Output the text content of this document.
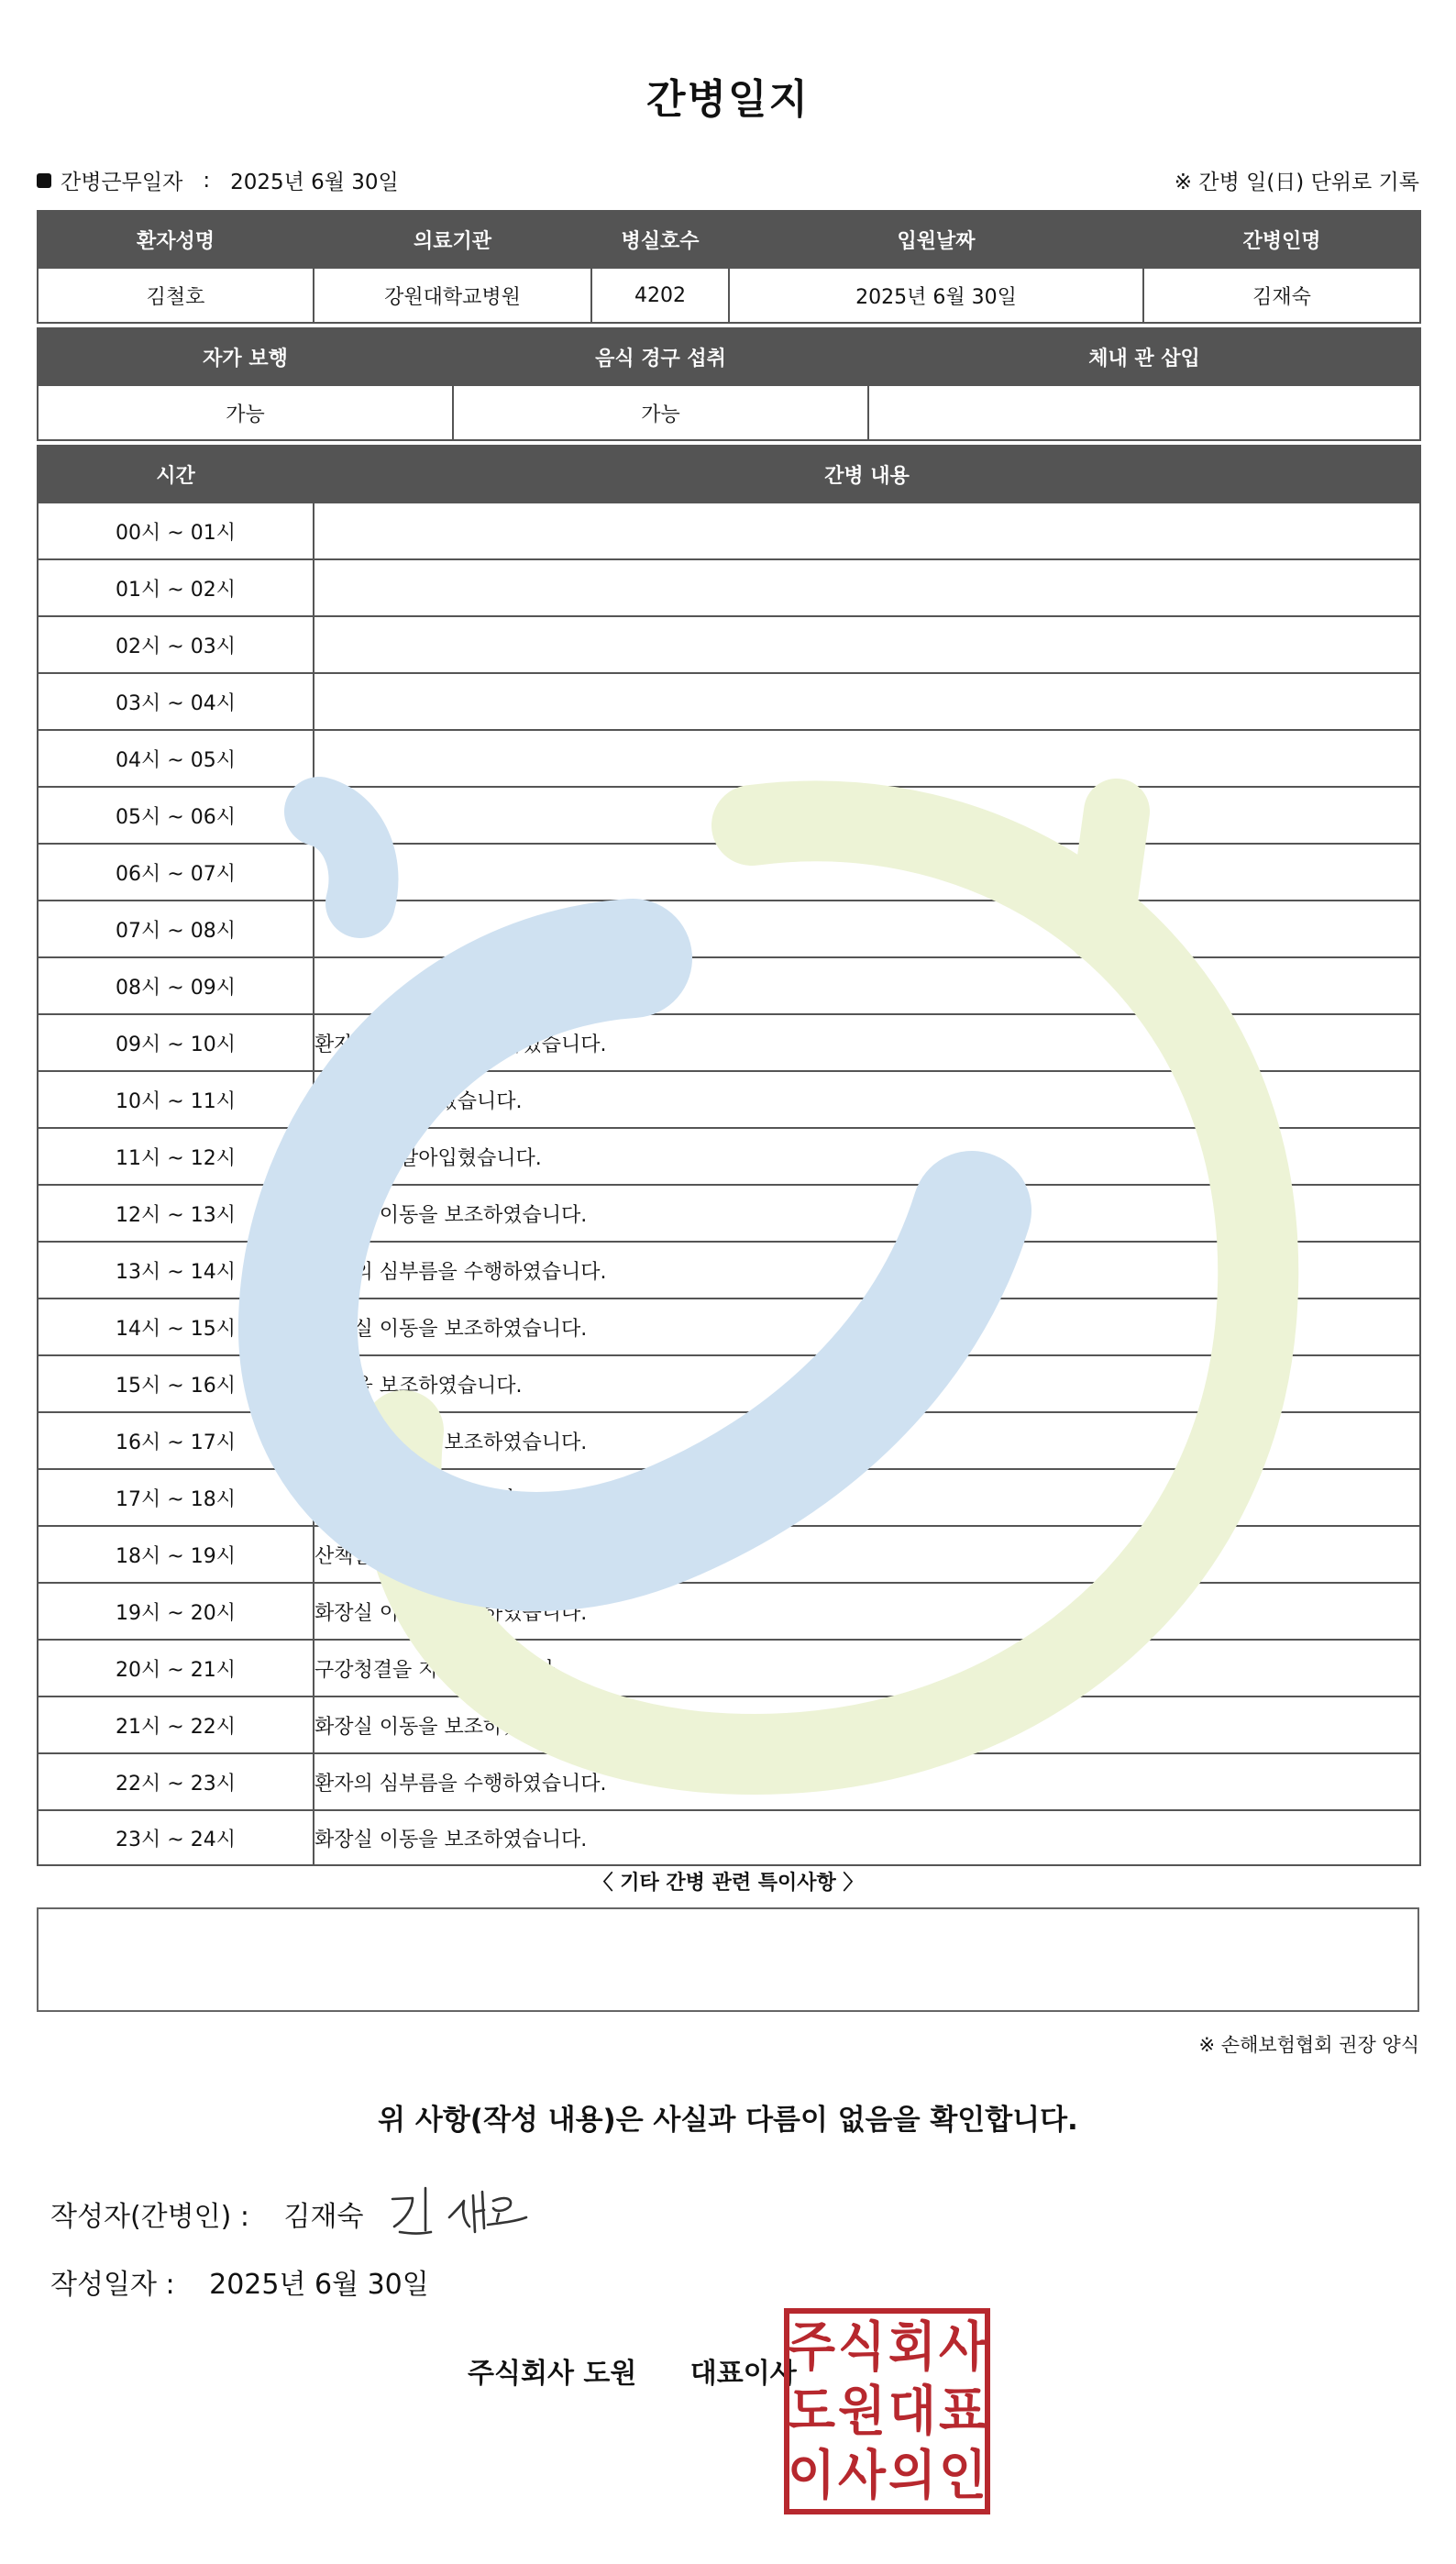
간병일지
간병근무일자 : 2025년 6월 30일	※ 간병 일(日) 단위로 기록
환자성명	의료기관	병실호수	입원날짜	간병인명
김철호	강원대학교병원	4202	2025년 6월 30일	김재숙
자가 보행	음식 경구 섭취	체내 관 삽입
가능	가능	
시간	간병 내용
00시 ~ 01시	
01시 ~ 02시	
02시 ~ 03시	
03시 ~ 04시	
04시 ~ 05시	
05시 ~ 06시	
06시 ~ 07시	
07시 ~ 08시	
08시 ~ 09시	
09시 ~ 10시	환자의 심부름을 수행하였습니다.
10시 ~ 11시	산책을 보조하였습니다.
11시 ~ 12시	환자복을 갈아입혔습니다.
12시 ~ 13시	화장실 이동을 보조하였습니다.
13시 ~ 14시	환자의 심부름을 수행하였습니다.
14시 ~ 15시	화장실 이동을 보조하였습니다.
15시 ~ 16시	산책을 보조하였습니다.
16시 ~ 17시	화장실 이동을 보조하였습니다.
17시 ~ 18시	세면을 보조하였습니다.
18시 ~ 19시	산책을 보조하였습니다.
19시 ~ 20시	화장실 이동을 보조하였습니다.
20시 ~ 21시	구강청결을 지원하였습니다.
21시 ~ 22시	화장실 이동을 보조하였습니다.
22시 ~ 23시	환자의 심부름을 수행하였습니다.
23시 ~ 24시	화장실 이동을 보조하였습니다.
〈 기타 간병 관련 특이사항 〉
※ 손해보험협회 권장 양식
위 사항(작성 내용)은 사실과 다름이 없음을 확인합니다.
작성자(간병인) : 김재숙
작성일자 : 2025년 6월 30일
주식회사 도원 대표이사
주 식 회 사
도 원 대 표
이 사 의 인
